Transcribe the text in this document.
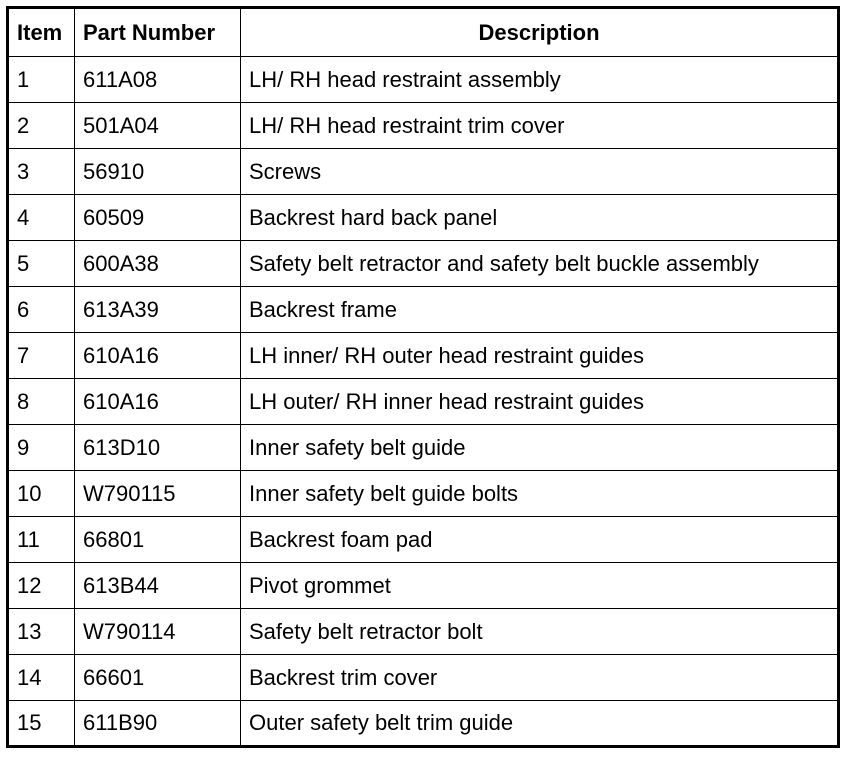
Item	Part Number	Description
1	611A08	LH/ RH head restraint assembly
2	501A04	LH/ RH head restraint trim cover
3	56910	Screws
4	60509	Backrest hard back panel
5	600A38	Safety belt retractor and safety belt buckle assembly
6	613A39	Backrest frame
7	610A16	LH inner/ RH outer head restraint guides
8	610A16	LH outer/ RH inner head restraint guides
9	613D10	Inner safety belt guide
10	W790115	Inner safety belt guide bolts
11	66801	Backrest foam pad
12	613B44	Pivot grommet
13	W790114	Safety belt retractor bolt
14	66601	Backrest trim cover
15	611B90	Outer safety belt trim guide
